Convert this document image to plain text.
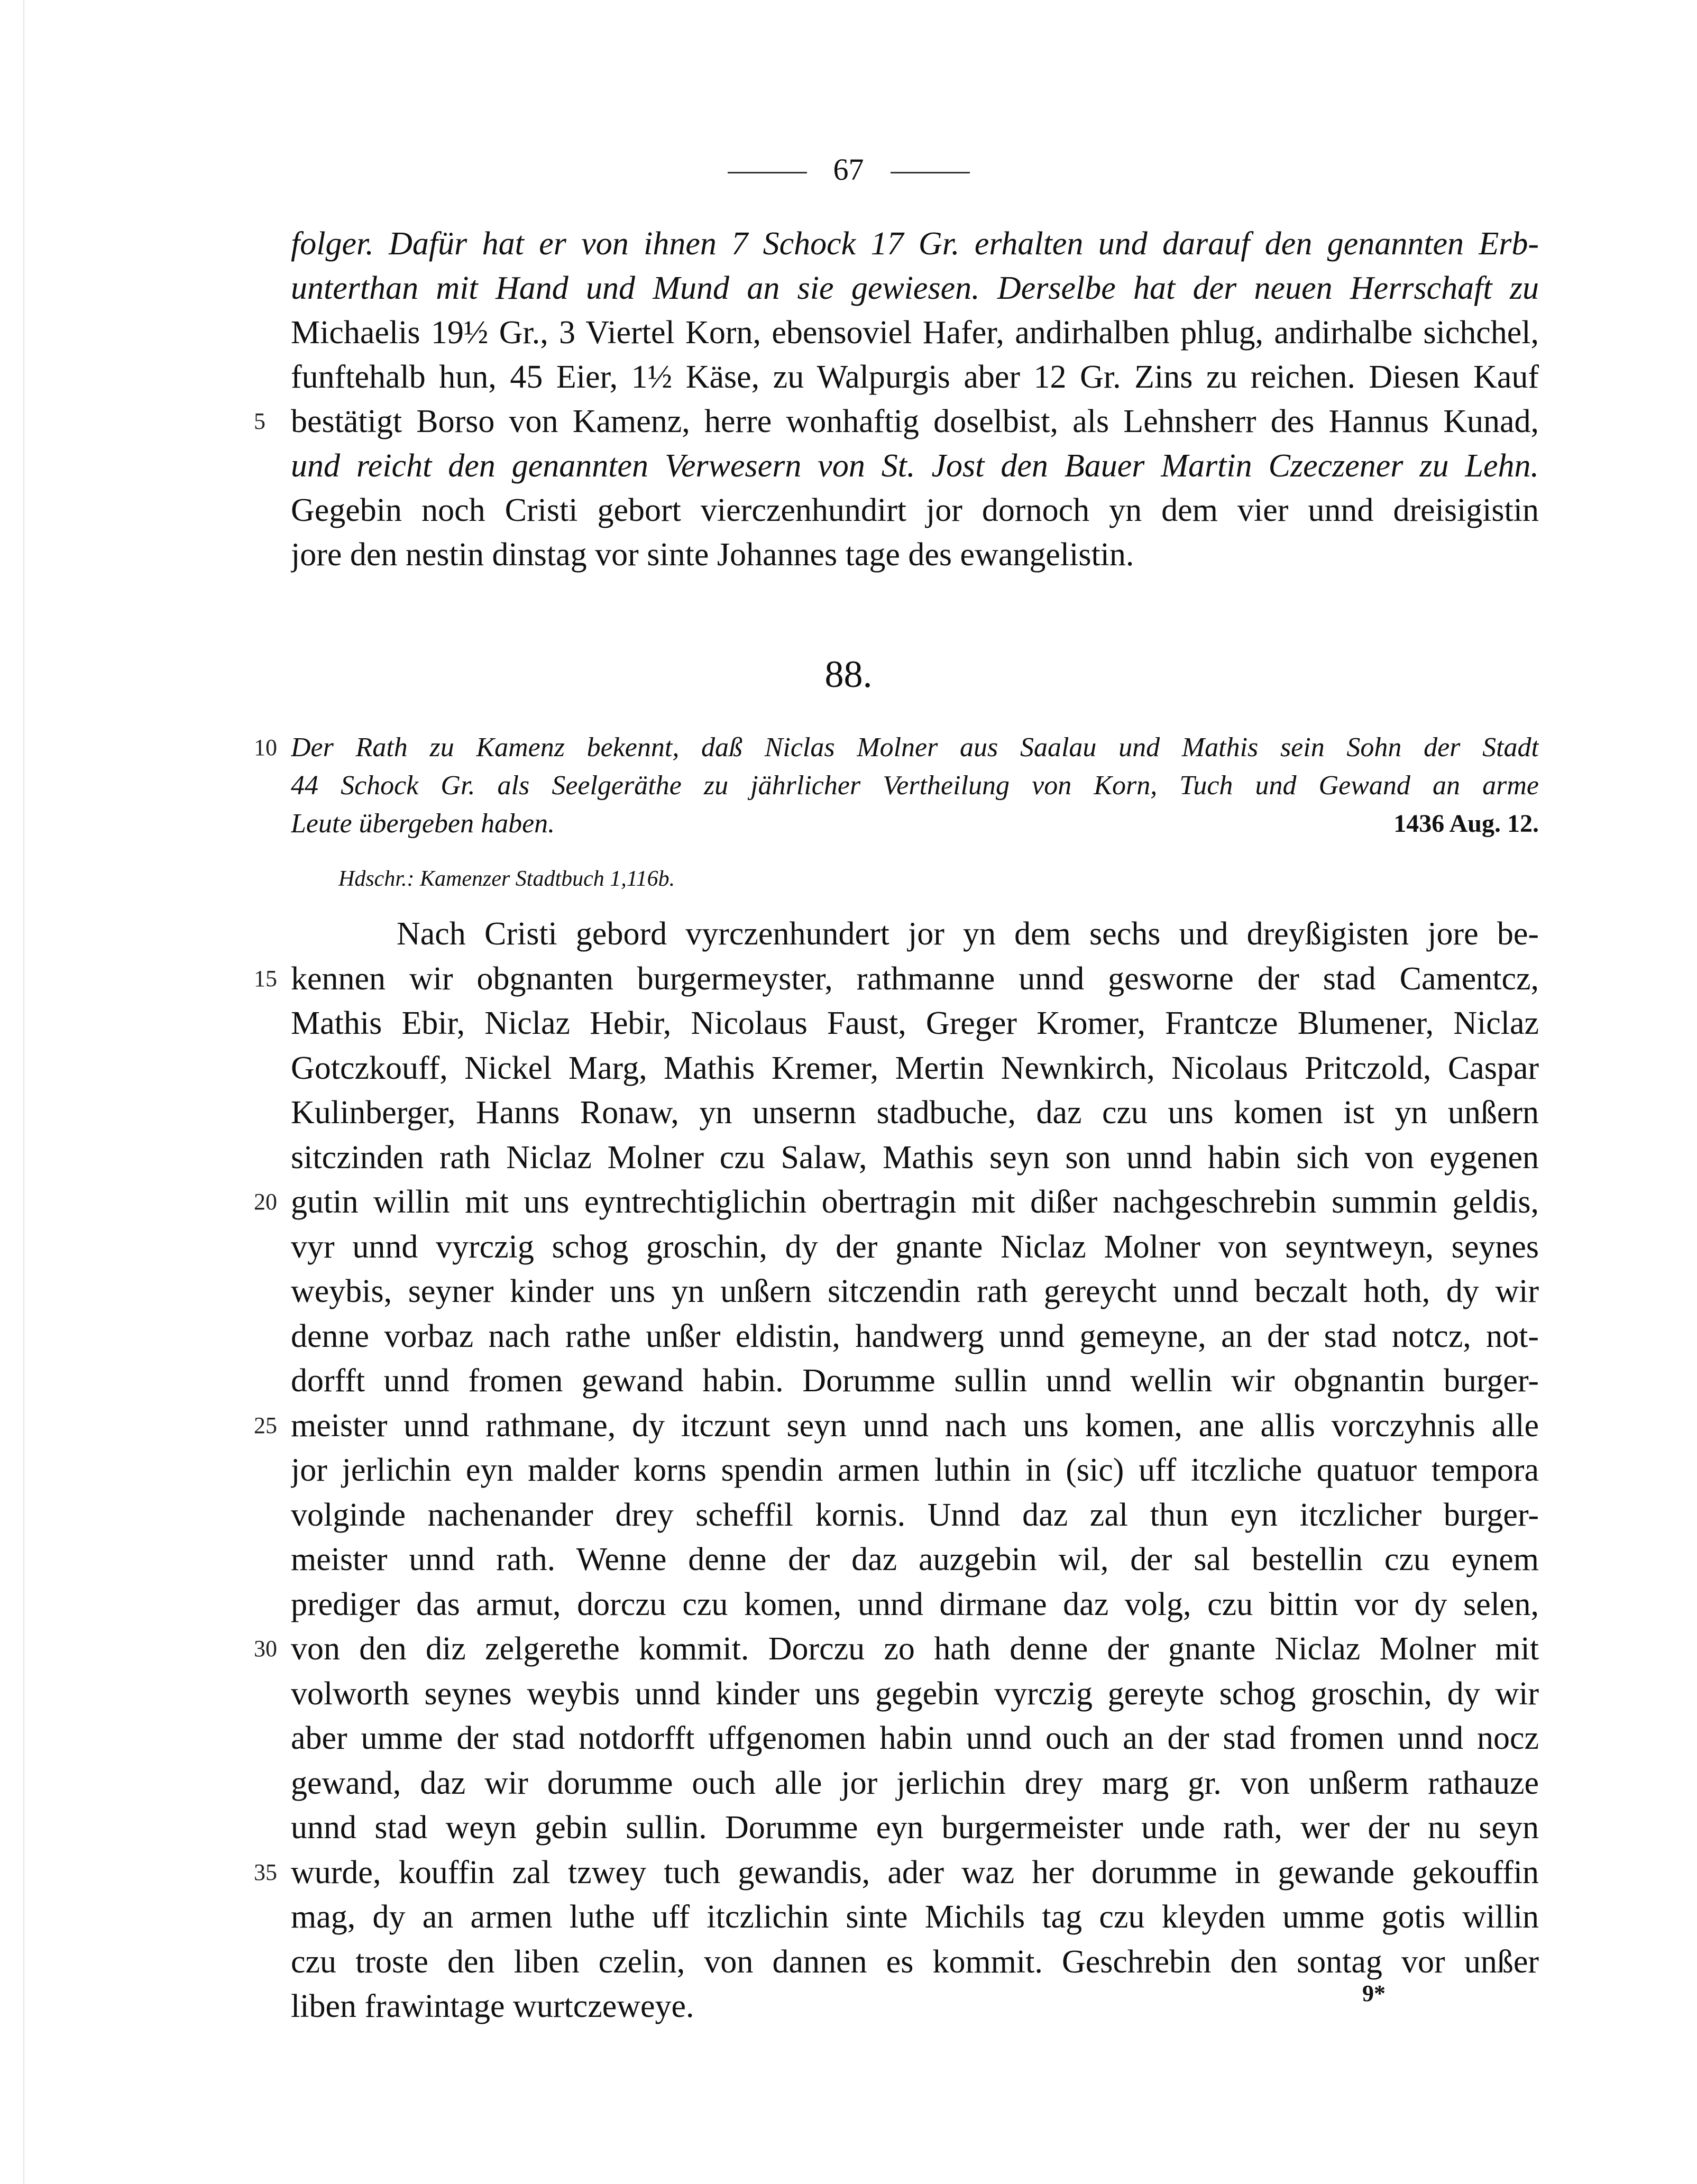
67
folger. Dafür hat er von ihnen 7 Schock 17 Gr. erhalten und darauf den genannten Erb-
unterthan mit Hand und Mund an sie gewiesen. Derselbe hat der neuen Herrschaft zu
Michaelis 19½ Gr., 3 Viertel Korn, ebensoviel Hafer, andirhalben phlug, andirhalbe sichchel,
funftehalb hun, 45 Eier, 1½ Käse, zu Walpurgis aber 12 Gr. Zins zu reichen. Diesen Kauf
5 bestätigt Borso von Kamenz, herre wonhaftig doselbist, als Lehnsherr des Hannus Kunad,
und reicht den genannten Verwesern von St. Jost den Bauer Martin Czeczener zu Lehn.
Gegebin noch Cristi gebort vierczenhundirt jor dornoch yn dem vier unnd dreisigistin
jore den nestin dinstag vor sinte Johannes tage des ewangelistin.
88.
10 Der Rath zu Kamenz bekennt, daß Niclas Molner aus Saalau und Mathis sein Sohn der Stadt
44 Schock Gr. als Seelgeräthe zu jährlicher Vertheilung von Korn, Tuch und Gewand an arme
Leute übergeben haben.	1436 Aug. 12.
Hdschr.: Kamenzer Stadtbuch 1,116b.
Nach Cristi gebord vyrczenhundert jor yn dem sechs und dreyßigisten jore be-
15 kennen wir obgnanten burgermeyster, rathmanne unnd gesworne der stad Camentcz,
Mathis Ebir, Niclaz Hebir, Nicolaus Faust, Greger Kromer, Frantcze Blumener, Niclaz
Gotczkouff, Nickel Marg, Mathis Kremer, Mertin Newnkirch, Nicolaus Pritczold, Caspar
Kulinberger, Hanns Ronaw, yn unsernn stadbuche, daz czu uns komen ist yn unßern
sitczinden rath Niclaz Molner czu Salaw, Mathis seyn son unnd habin sich von eygenen
20 gutin willin mit uns eyntrechtiglichin obertragin mit dißer nachgeschrebin summin geldis,
vyr unnd vyrczig schog groschin, dy der gnante Niclaz Molner von seyntweyn, seynes
weybis, seyner kinder uns yn unßern sitczendin rath gereycht unnd beczalt hoth, dy wir
denne vorbaz nach rathe unßer eldistin, handwerg unnd gemeyne, an der stad notcz, not-
dorfft unnd fromen gewand habin. Dorumme sullin unnd wellin wir obgnantin burger-
25 meister unnd rathmane, dy itczunt seyn unnd nach uns komen, ane allis vorczyhnis alle
jor jerlichin eyn malder korns spendin armen luthin in (sic) uff itczliche quatuor tempora
volginde nachenander drey scheffil kornis. Unnd daz zal thun eyn itczlicher burger-
meister unnd rath. Wenne denne der daz auzgebin wil, der sal bestellin czu eynem
prediger das armut, dorczu czu komen, unnd dirmane daz volg, czu bittin vor dy selen,
30 von den diz zelgerethe kommit. Dorczu zo hath denne der gnante Niclaz Molner mit
volworth seynes weybis unnd kinder uns gegebin vyrczig gereyte schog groschin, dy wir
aber umme der stad notdorfft uffgenomen habin unnd ouch an der stad fromen unnd nocz
gewand, daz wir dorumme ouch alle jor jerlichin drey marg gr. von unßerm rathauze
unnd stad weyn gebin sullin. Dorumme eyn burgermeister unde rath, wer der nu seyn
35 wurde, kouffin zal tzwey tuch gewandis, ader waz her dorumme in gewande gekouffin
mag, dy an armen luthe uff itczlichin sinte Michils tag czu kleyden umme gotis willin
czu troste den liben czelin, von dannen es kommit. Geschrebin den sontag vor unßer
liben frawintage wurtczeweye.	9*
